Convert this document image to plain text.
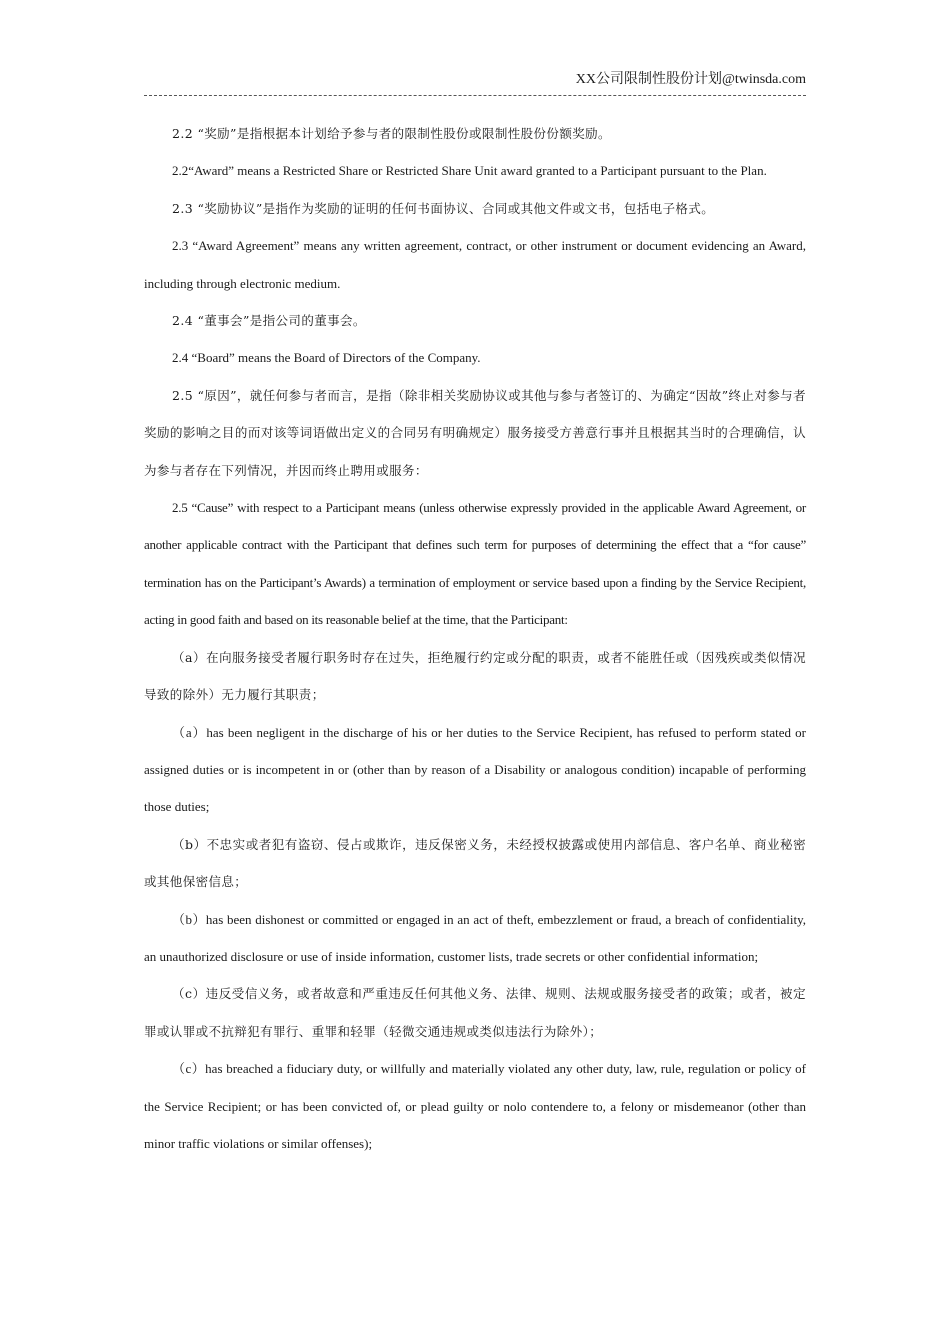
XX公司限制性股份计划@twinsda.com

2.2 “奖励”是指根据本计划给予参与者的限制性股份或限制性股份份额奖励。

2.2“Award” means a Restricted Share or Restricted Share Unit award granted to a Participant pursuant to the Plan.

2.3 “奖励协议”是指作为奖励的证明的任何书面协议、合同或其他文件或文书，包括电子格式。

2.3 “Award Agreement” means any written agreement, contract, or other instrument or document evidencing an Award, including through electronic medium.

2.4 “董事会”是指公司的董事会。

2.4 “Board” means the Board of Directors of the Company.

2.5 “原因”，就任何参与者而言，是指（除非相关奖励协议或其他与参与者签订的、为确定“因故”终止对参与者奖励的影响之目的而对该等词语做出定义的合同另有明确规定）服务接受方善意行事并且根据其当时的合理确信，认为参与者存在下列情况，并因而终止聘用或服务：

2.5 “Cause” with respect to a Participant means (unless otherwise expressly provided in the applicable Award Agreement, or another applicable contract with the Participant that defines such term for purposes of determining the effect that a “for cause” termination has on the Participant’s Awards) a termination of employment or service based upon a finding by the Service Recipient, acting in good faith and based on its reasonable belief at the time, that the Participant:

（a）在向服务接受者履行职务时存在过失，拒绝履行约定或分配的职责，或者不能胜任或（因残疾或类似情况导致的除外）无力履行其职责；

（a）has been negligent in the discharge of his or her duties to the Service Recipient, has refused to perform stated or assigned duties or is incompetent in or (other than by reason of a Disability or analogous condition) incapable of performing those duties;

（b）不忠实或者犯有盗窃、侵占或欺诈，违反保密义务，未经授权披露或使用内部信息、客户名单、商业秘密或其他保密信息；

（b）has been dishonest or committed or engaged in an act of theft, embezzlement or fraud, a breach of confidentiality, an unauthorized disclosure or use of inside information, customer lists, trade secrets or other confidential information;

（c）违反受信义务，或者故意和严重违反任何其他义务、法律、规则、法规或服务接受者的政策；或者，被定罪或认罪或不抗辩犯有罪行、重罪和轻罪（轻微交通违规或类似违法行为除外）；

（c）has breached a fiduciary duty, or willfully and materially violated any other duty, law, rule, regulation or policy of the Service Recipient; or has been convicted of, or plead guilty or nolo contendere to, a felony or misdemeanor (other than minor traffic violations or similar offenses);
